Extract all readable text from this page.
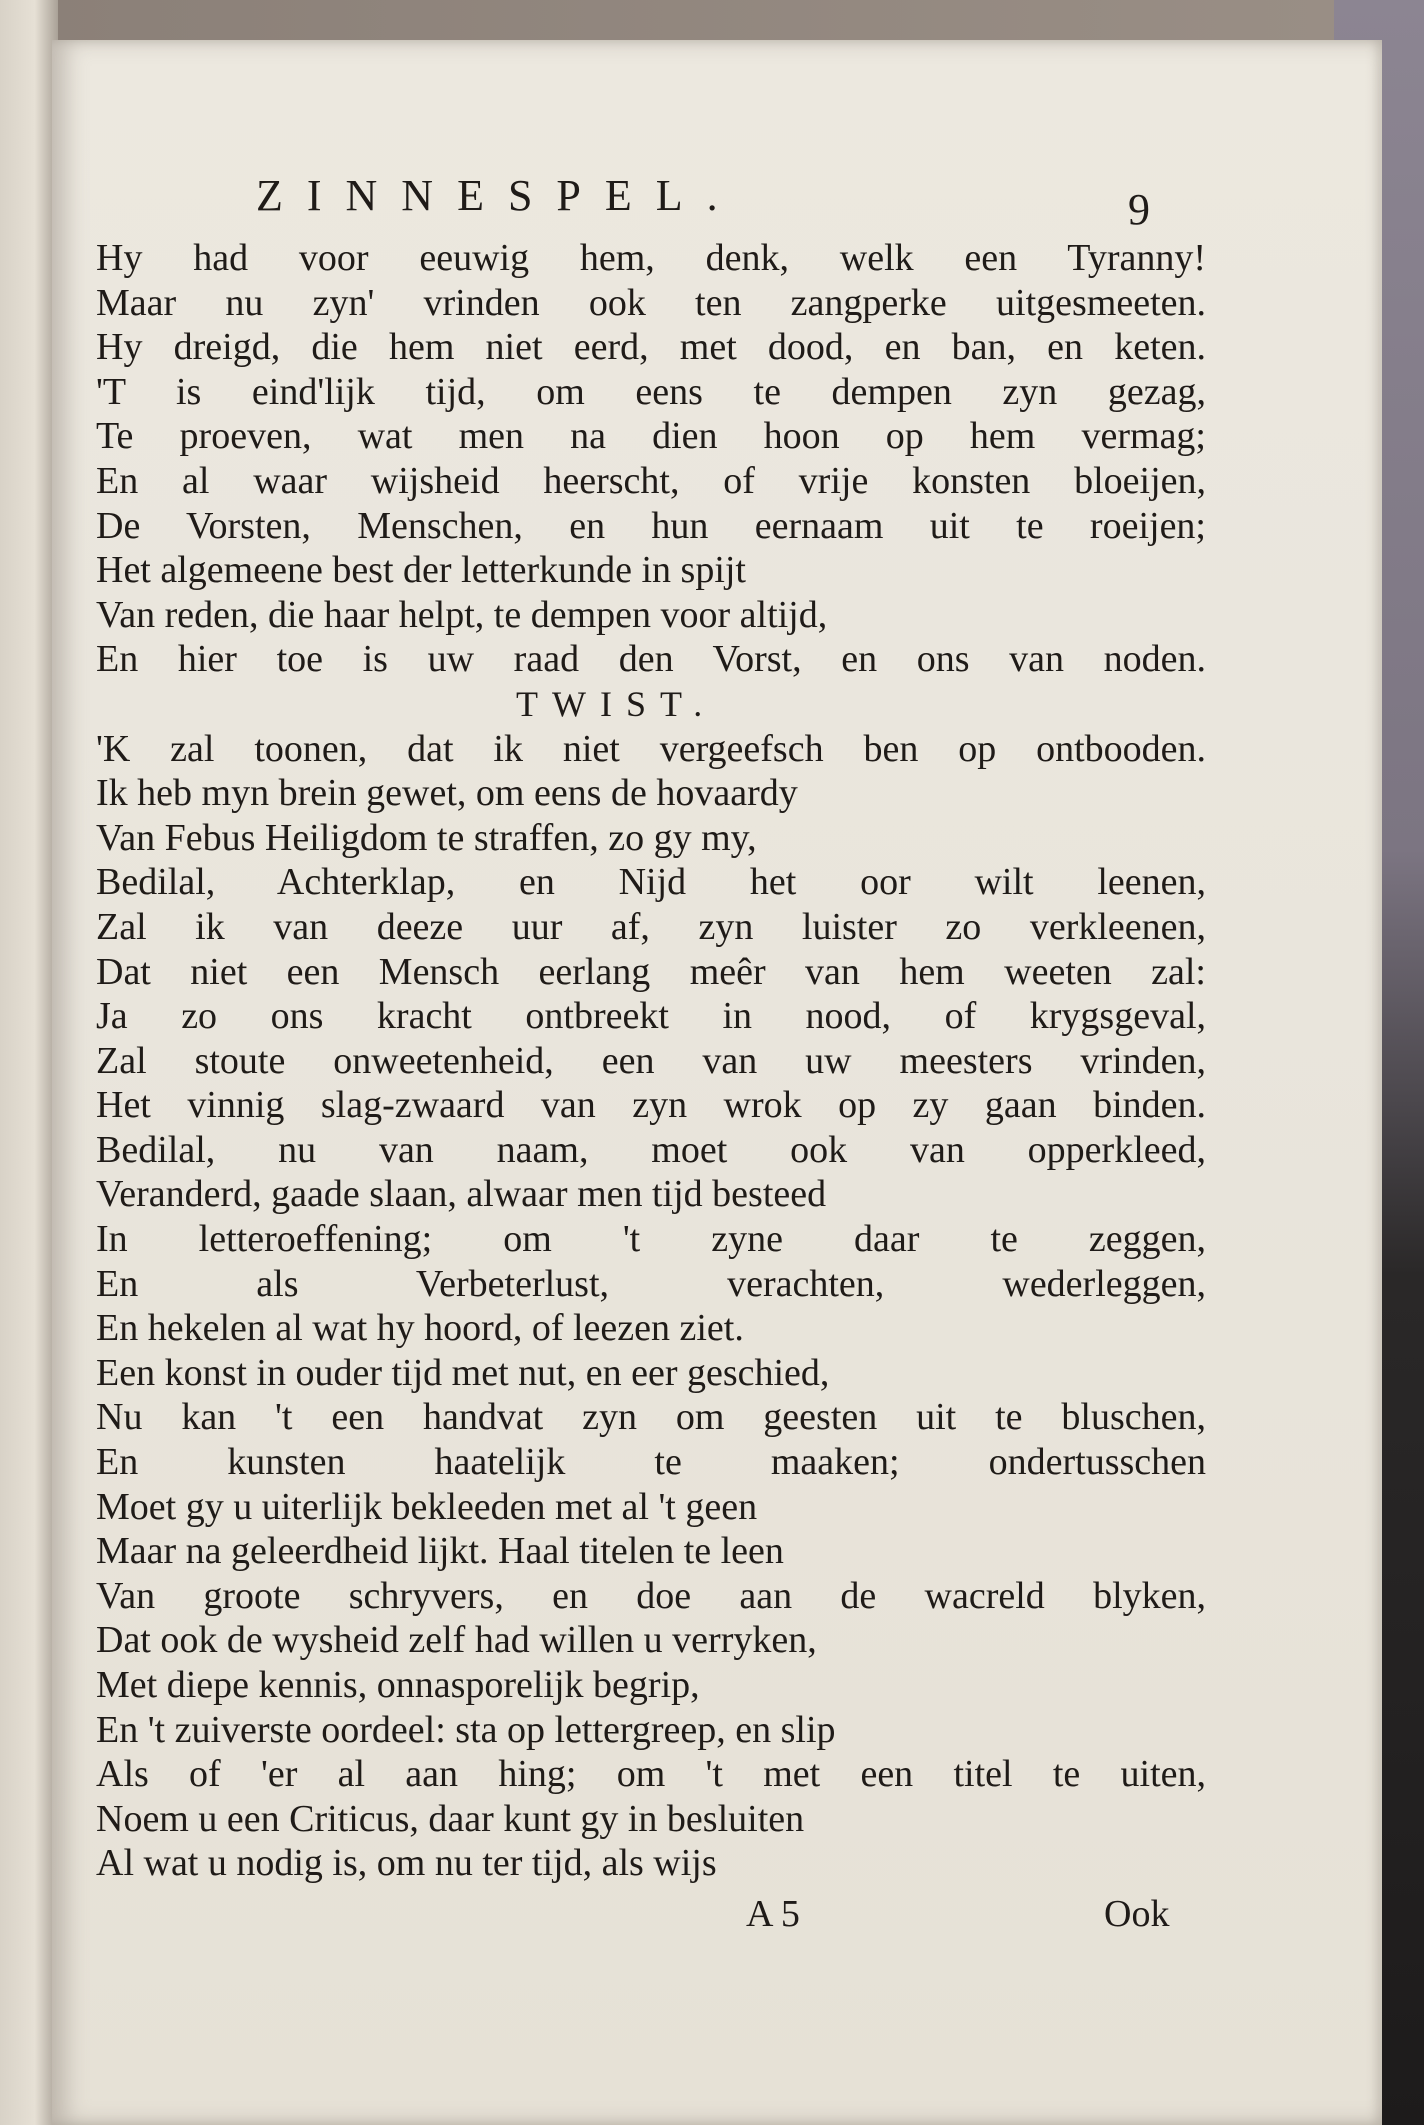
ZINNESPEL.	9
Hy had voor eeuwig hem, denk, welk een Tyranny!
Maar nu zyn' vrinden ook ten zangperke uitgesmeeten.
Hy dreigd, die hem niet eerd, met dood, en ban, en keten.
'T is eind'lijk tijd, om eens te dempen zyn gezag,
Te proeven, wat men na dien hoon op hem vermag;
En al waar wijsheid heerscht, of vrije konsten bloeijen,
De Vorsten, Menschen, en hun eernaam uit te roeijen;
Het algemeene best der letterkunde in spijt
Van reden, die haar helpt, te dempen voor altijd,
En hier toe is uw raad den Vorst, en ons van noden.
TWIST.
'K zal toonen, dat ik niet vergeefsch ben op ontbooden.
Ik heb myn brein gewet, om eens de hovaardy
Van Febus Heiligdom te straffen, zo gy my,
Bedilal, Achterklap, en Nijd het oor wilt leenen,
Zal ik van deeze uur af, zyn luister zo verkleenen,
Dat niet een Mensch eerlang meêr van hem weeten zal:
Ja zo ons kracht ontbreekt in nood, of krygsgeval,
Zal stoute onweetenheid, een van uw meesters vrinden,
Het vinnig slag-zwaard van zyn wrok op zy gaan binden.
Bedilal, nu van naam, moet ook van opperkleed,
Veranderd, gaade slaan, alwaar men tijd besteed
In letteroeffening; om 't zyne daar te zeggen,
En als Verbeterlust, verachten, wederleggen,
En hekelen al wat hy hoord, of leezen ziet.
Een konst in ouder tijd met nut, en eer geschied,
Nu kan 't een handvat zyn om geesten uit te bluschen,
En kunsten haatelijk te maaken; ondertusschen
Moet gy u uiterlijk bekleeden met al 't geen
Maar na geleerdheid lijkt. Haal titelen te leen
Van groote schryvers, en doe aan de wacreld blyken,
Dat ook de wysheid zelf had willen u verryken,
Met diepe kennis, onnasporelijk begrip,
En 't zuiverste oordeel: sta op lettergreep, en slip
Als of 'er al aan hing; om 't met een titel te uiten,
Noem u een Criticus, daar kunt gy in besluiten
Al wat u nodig is, om nu ter tijd, als wijs
A 5	Ook
